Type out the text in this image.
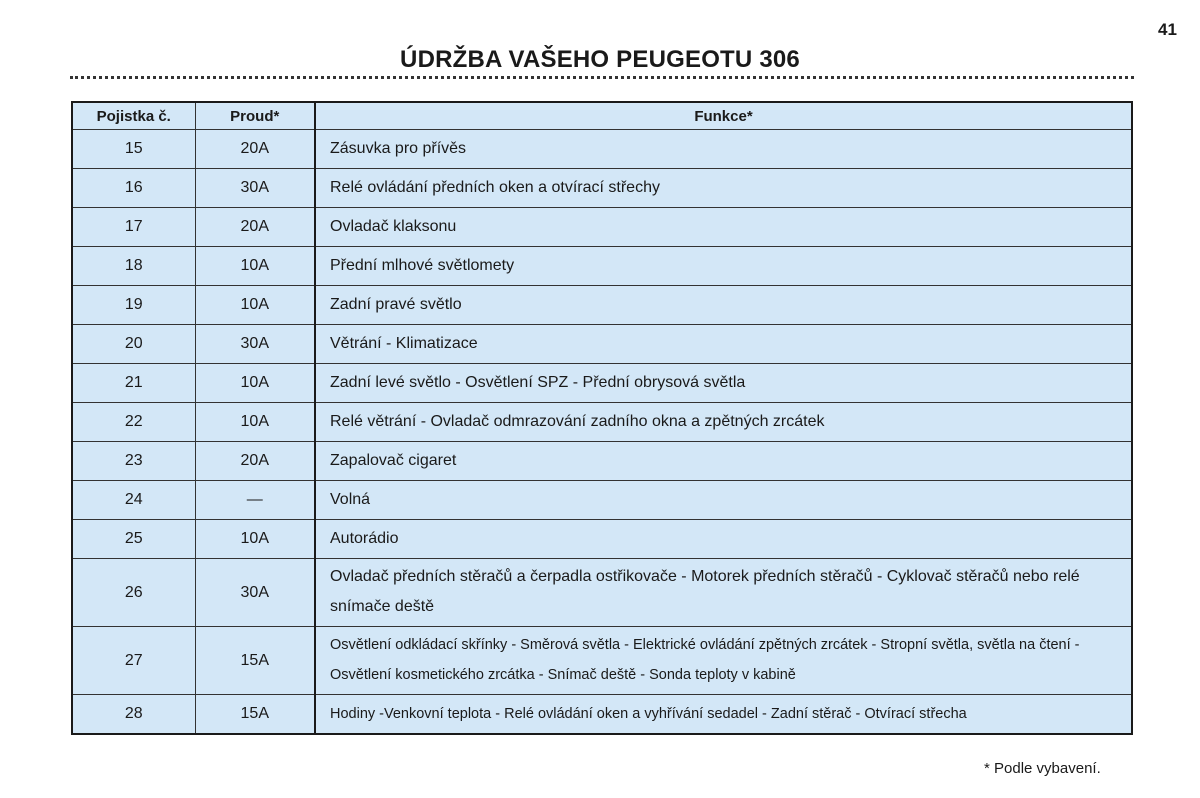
41
ÚDRŽBA VAŠEHO PEUGEOTU 306
Pojistka č.	Proud*	Funkce*
15	20A	Zásuvka pro přívěs
16	30A	Relé ovládání předních oken a otvírací střechy
17	20A	Ovladač klaksonu
18	10A	Přední mlhové světlomety
19	10A	Zadní pravé světlo
20	30A	Větrání - Klimatizace
21	10A	Zadní levé světlo - Osvětlení SPZ - Přední obrysová světla
22	10A	Relé větrání - Ovladač odmrazování zadního okna a zpětných zrcátek
23	20A	Zapalovač cigaret
24	—	Volná
25	10A	Autorádio
26	30A	Ovladač předních stěračů a čerpadla ostřikovače - Motorek předních stěračů - Cyklovač stěračů nebo relé snímače deště
27	15A	Osvětlení odkládací skřínky - Směrová světla - Elektrické ovládání zpětných zrcátek - Stropní světla, světla na čtení - Osvětlení kosmetického zrcátka - Snímač deště - Sonda teploty v kabině
28	15A	Hodiny -Venkovní teplota - Relé ovládání oken a vyhřívání sedadel - Zadní stěrač - Otvírací střecha
* Podle vybavení.
